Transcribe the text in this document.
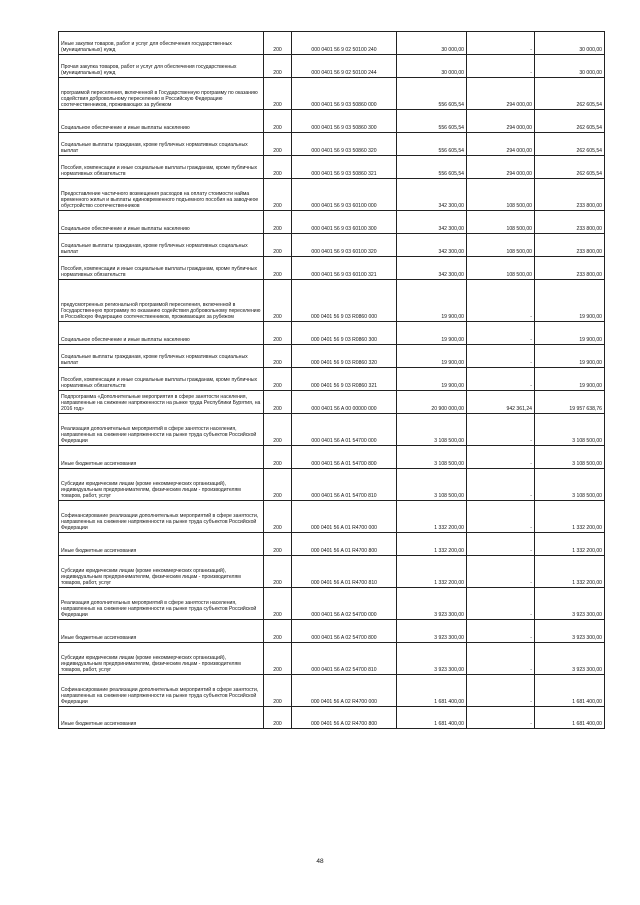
Иные закупки товаров, работ и услуг для обеспечения государственных (муниципальных) нужд	200	000 0401 56 9 02 50100 240	30 000,00	-	30 000,00
Прочая закупка товаров, работ и услуг для обеспечения государственных (муниципальных) нужд	200	000 0401 56 9 02 50100 244	30 000,00	-	30 000,00
программой переселения, включенной в Государственную программу по оказанию содействия добровольному переселению в Российскую Федерацию соотечественников, проживающих за рубежом	200	000 0401 56 9 03 50860 000	556 605,54	294 000,00	262 605,54
Социальное обеспечение и иные выплаты населению	200	000 0401 56 9 03 50860 300	556 605,54	294 000,00	262 605,54
Социальные выплаты гражданам, кроме публичных нормативных социальных выплат	200	000 0401 56 9 03 50860 320	556 605,54	294 000,00	262 605,54
Пособия, компенсации и иные социальные выплаты гражданам, кроме публичных нормативных обязательств	200	000 0401 56 9 03 50860 321	556 605,54	294 000,00	262 605,54
Предоставление частичного возмещения расходов на оплату стоимости найма временного жилья и выплаты единовременного подъемного пособия на заводчеое обустройство соотечественников	200	000 0401 56 9 03 60100 000	342 300,00	108 500,00	233 800,00
Социальное обеспечение и иные выплаты населению	200	000 0401 56 9 03 60100 300	342 300,00	108 500,00	233 800,00
Социальные выплаты гражданам, кроме публичных нормативных социальных выплат	200	000 0401 56 9 03 60100 320	342 300,00	108 500,00	233 800,00
Пособия, компенсации и иные социальные выплаты гражданам, кроме публичных нормативных обязательств	200	000 0401 56 9 03 60100 321	342 300,00	108 500,00	233 800,00
предусмотренных региональной программой переселения, включенной в Государственную программу по оказанию содействия добровольному переселению в Российскую Федерацию соотечественников, проживающих за рубежом	200	000 0401 56 9 03 R0860 000	19 900,00	-	19 900,00
Социальное обеспечение и иные выплаты населению	200	000 0401 56 9 03 R0860 300	19 900,00	-	19 900,00
Социальные выплаты гражданам, кроме публичных нормативных социальных выплат	200	000 0401 56 9 03 R0860 320	19 900,00	-	19 900,00
Пособия, компенсации и иные социальные выплаты гражданам, кроме публичных нормативных обязательств	200	000 0401 56 9 03 R0860 321	19 900,00	-	19 900,00
Подпрограмма «Дополнительные мероприятия в сфере занятости населения, направленные на снижение напряженности на рынке труда Республики Бурятия, на 2016 год»	200	000 0401 56 A 00 00000 000	20 900 000,00	942 361,24	19 957 638,76
Реализация дополнительных мероприятий в сфере занятости населения, направленных на снижение напряженности на рынке труда субъектов Российской Федерации	200	000 0401 56 A 01 54700 000	3 108 500,00	-	3 108 500,00
Иные бюджетные ассигнования	200	000 0401 56 A 01 54700 800	3 108 500,00	-	3 108 500,00
Субсидии юридическим лицам (кроме некоммерческих организаций), индивидуальным предпринимателям, физическим лицам - производителям товаров, работ, услуг	200	000 0401 56 A 01 54700 810	3 108 500,00	-	3 108 500,00
Софинансирование реализации дополнительных мероприятий в сфере занятости, направленных на снижение напряженности на рынке труда субъектов Российской Федерации	200	000 0401 56 A 01 R4700 000	1 332 200,00	-	1 332 200,00
Иные бюджетные ассигнования	200	000 0401 56 A 01 R4700 800	1 332 200,00	-	1 332 200,00
Субсидии юридическим лицам (кроме некоммерческих организаций), индивидуальным предпринимателям, физическим лицам - производителям товаров, работ, услуг	200	000 0401 56 A 01 R4700 810	1 332 200,00	-	1 332 200,00
Реализация дополнительных мероприятий в сфере занятости населения, направленных на снижение напряженности на рынке труда субъектов Российской Федерации	200	000 0401 56 A 02 54700 000	3 923 300,00	-	3 923 300,00
Иные бюджетные ассигнования	200	000 0401 56 A 02 54700 800	3 923 300,00	-	3 923 300,00
Субсидии юридическим лицам (кроме некоммерческих организаций), индивидуальным предпринимателям, физическим лицам - производителям товаров, работ, услуг	200	000 0401 56 A 02 54700 810	3 923 300,00	-	3 923 300,00
Софинансирование реализации дополнительных мероприятий в сфере занятости, направленных на снижение напряженности на рынке труда субъектов Российской Федерации	200	000 0401 56 A 02 R4700 000	1 681 400,00	-	1 681 400,00
Иные бюджетные ассигнования	200	000 0401 56 A 02 R4700 800	1 681 400,00	-	1 681 400,00
48
